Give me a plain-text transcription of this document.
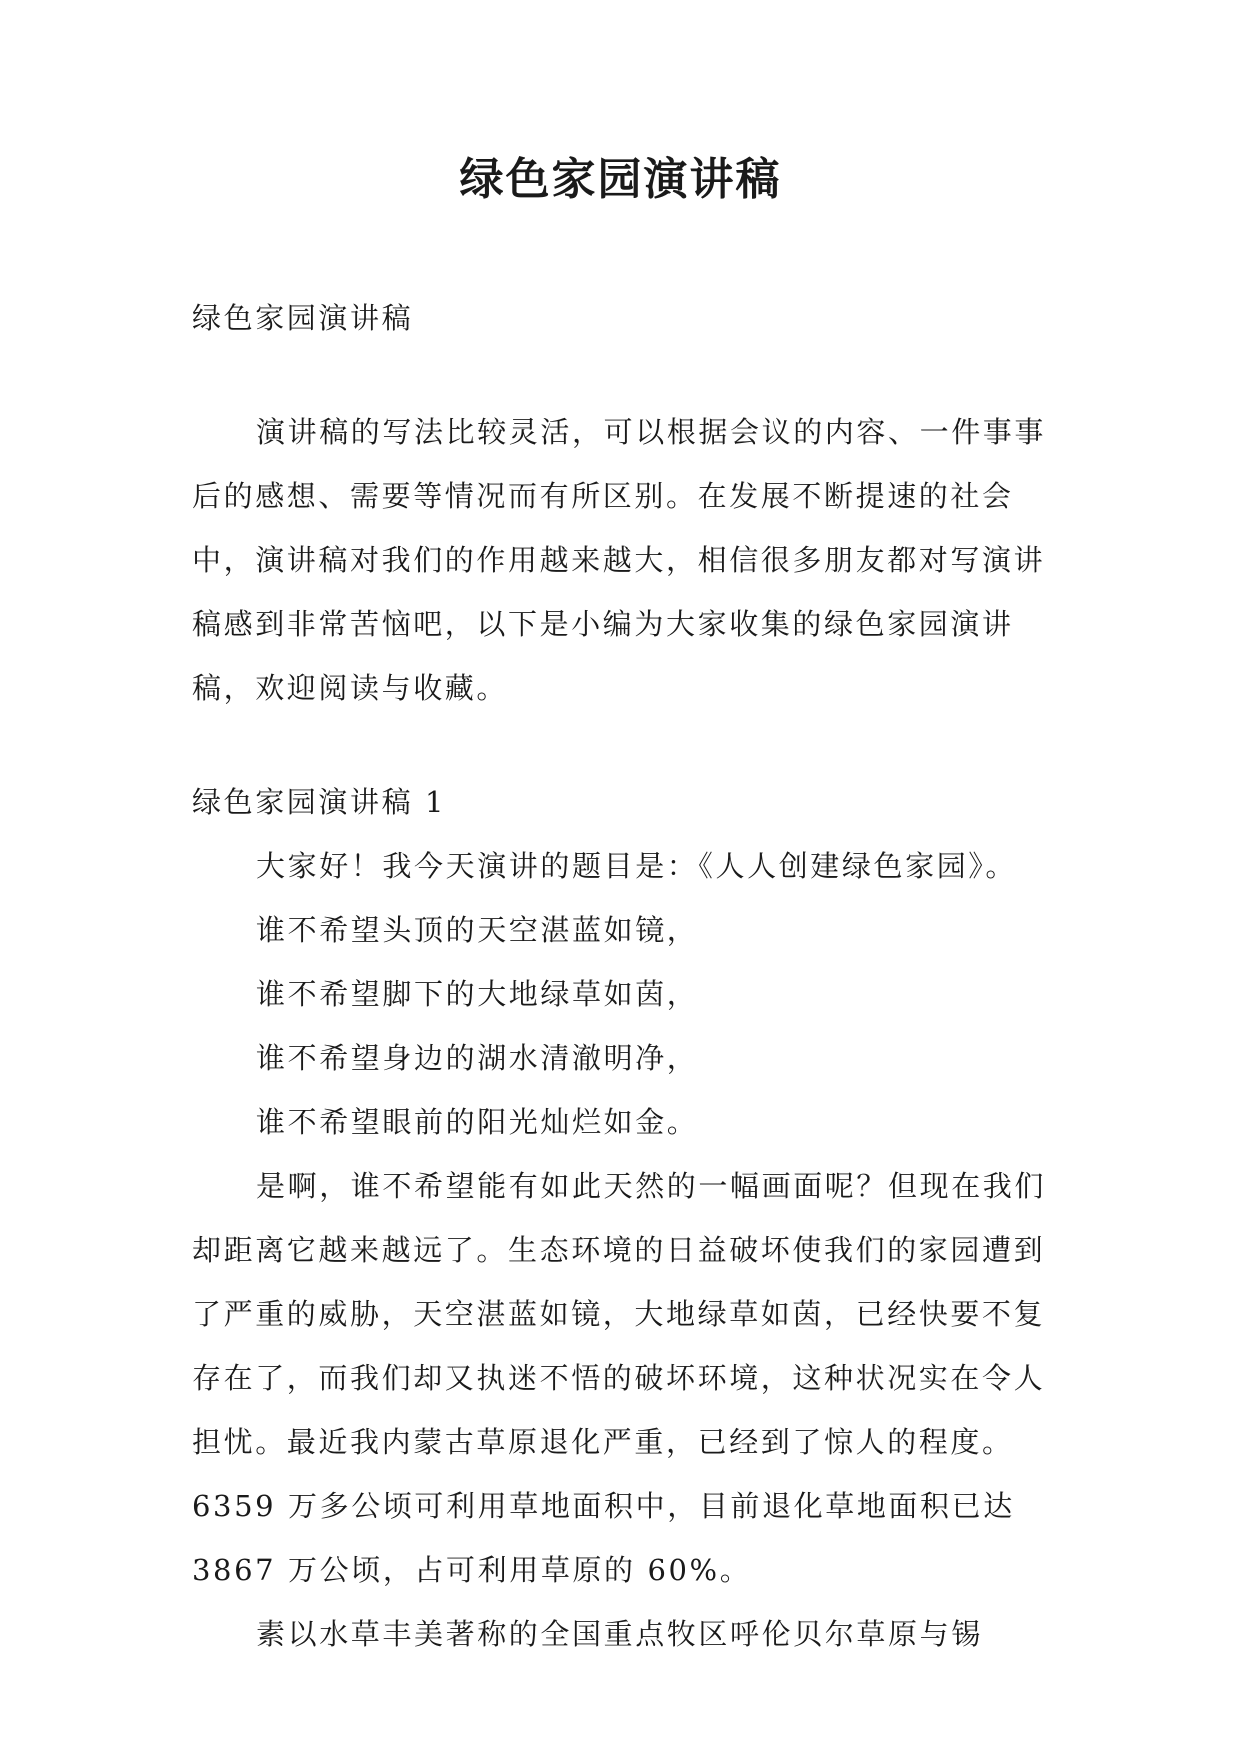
绿色家园演讲稿

绿色家园演讲稿

演讲稿的写法比较灵活，可以根据会议的内容、一件事事后的感想、需要等情况而有所区别。在发展不断提速的社会中，演讲稿对我们的作用越来越大，相信很多朋友都对写演讲稿感到非常苦恼吧，以下是小编为大家收集的绿色家园演讲稿，欢迎阅读与收藏。

绿色家园演讲稿 1

大家好！我今天演讲的题目是：《人人创建绿色家园》。

谁不希望头顶的天空湛蓝如镜，

谁不希望脚下的大地绿草如茵，

谁不希望身边的湖水清澈明净，

谁不希望眼前的阳光灿烂如金。

是啊，谁不希望能有如此天然的一幅画面呢？但现在我们却距离它越来越远了。生态环境的日益破坏使我们的家园遭到了严重的威胁，天空湛蓝如镜，大地绿草如茵，已经快要不复存在了，而我们却又执迷不悟的破坏环境，这种状况实在令人担忧。最近我内蒙古草原退化严重，已经到了惊人的程度。6359 万多公顷可利用草地面积中，目前退化草地面积已达 3867 万公顷，占可利用草原的 60%。

素以水草丰美著称的全国重点牧区呼伦贝尔草原与锡
